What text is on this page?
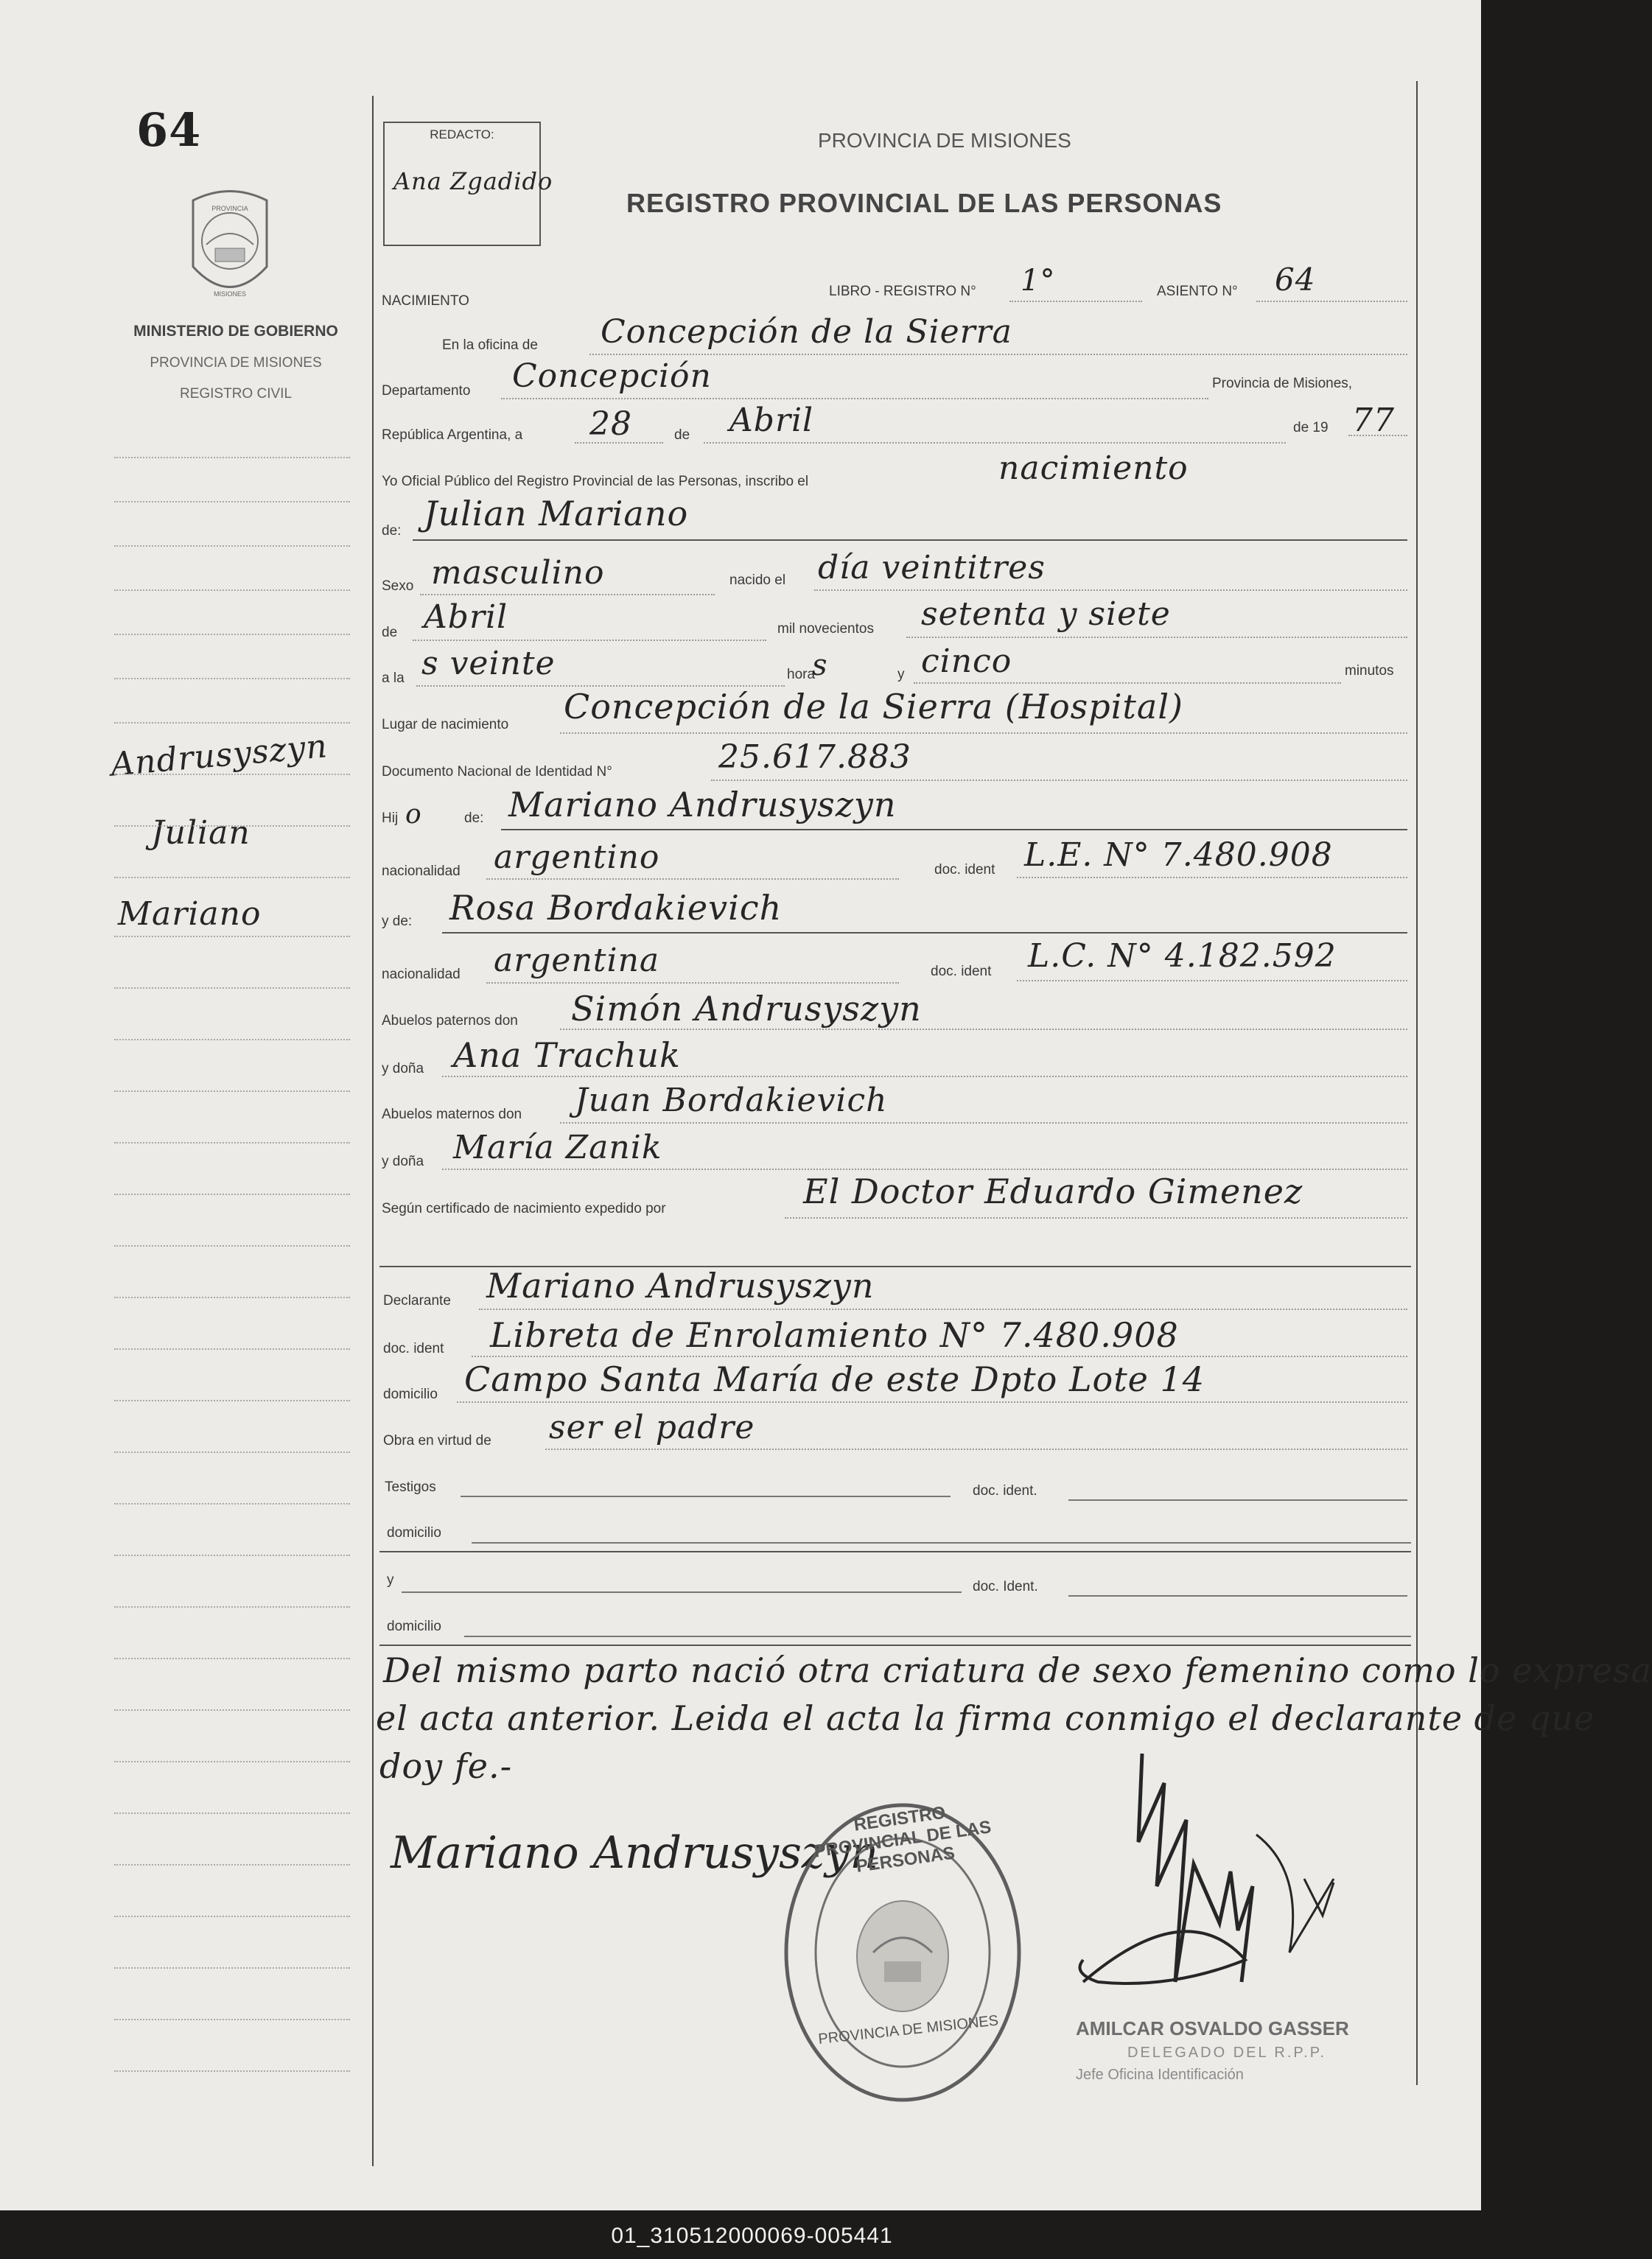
64
PROVINCIA
MISIONES
MINISTERIO DE GOBIERNO
PROVINCIA DE MISIONES
REGISTRO CIVIL
Andrusyszyn
Julian
Mariano
REDACTO:
Ana Zgadido
PROVINCIA DE MISIONES
REGISTRO PROVINCIAL DE LAS PERSONAS
NACIMIENTO
LIBRO - REGISTRO N° 1°	ASIENTO N° 64
En la oficina de Concepción de la Sierra
Departamento Concepción	Provincia de Misiones,
República Argentina, a 28	de Abril	de 19 77
Yo Oficial Público del Registro Provincial de las Personas, inscribo el	nacimiento
de: Julian Mariano
Sexo masculino	nacido el día veintitres
de Abril	mil novecientos setenta y siete
a la s veinte	hora
s	y cinco	minutos
Lugar de nacimiento Concepción de la Sierra (Hospital)
Documento Nacional de Identidad N°	25.617.883
Hij o	de: Mariano Andrusyszyn
nacionalidad argentino	doc. ident L.E. N° 7.480.908
y de: Rosa Bordakievich
nacionalidad argentina	doc. ident L.C. N° 4.182.592
Abuelos paternos don Simón Andrusyszyn
y doña Ana Trachuk
Abuelos maternos don Juan Bordakievich
y doña María Zanik
Según certificado de nacimiento expedido por	El Doctor Eduardo Gimenez
Declarante Mariano Andrusyszyn
doc. ident Libreta de Enrolamiento N° 7.480.908
domicilio Campo Santa María de este Dpto Lote 14
Obra en virtud de ser el padre
Testigos	doc. ident.
domicilio
y	doc. Ident.
domicilio
Del mismo parto nació otra criatura de sexo femenino como lo expresa
el acta anterior. Leida el acta la firma conmigo el declarante de que
doy fe.-
Mariano Andrusyszyn
REGISTRO PROVINCIAL DE LAS PERSONAS
PROVINCIA DE MISIONES	AMILCAR OSVALDO GASSER
DELEGADO DEL R.P.P.
Jefe Oficina Identificación
01_310512000069-005441
